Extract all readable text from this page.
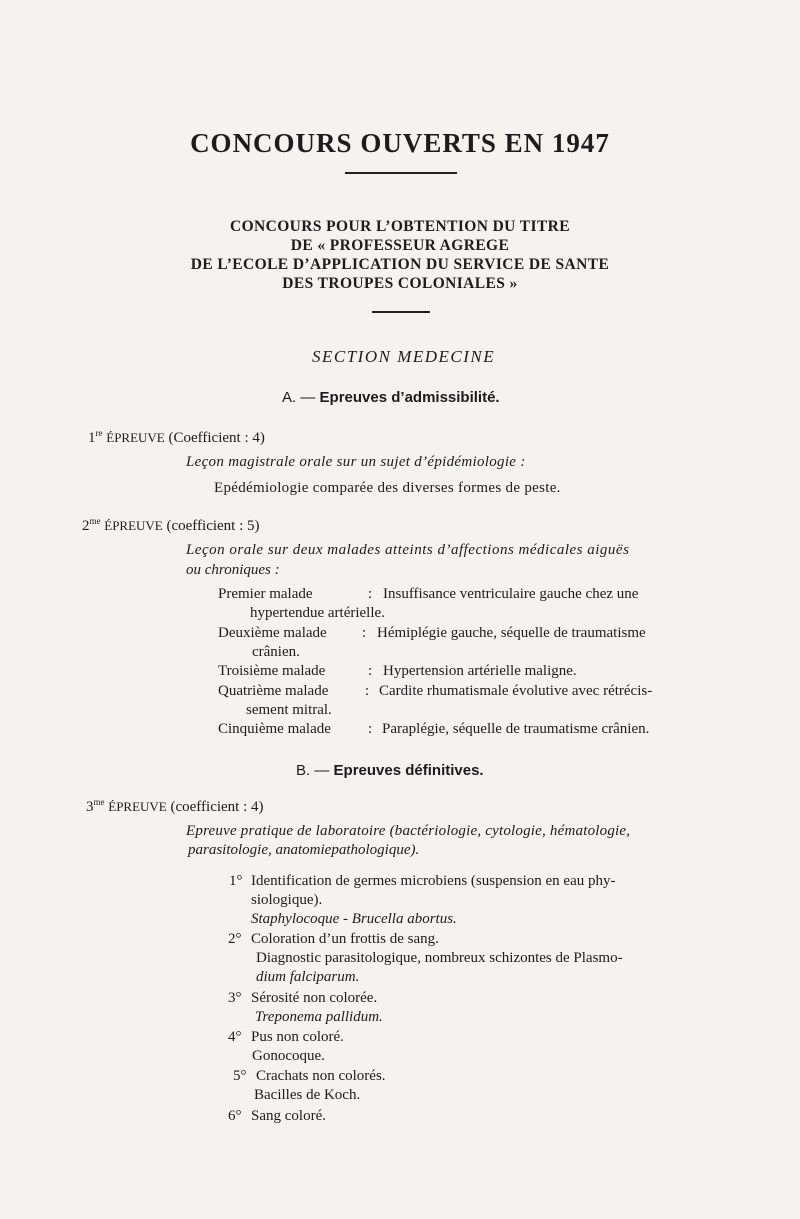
CONCOURS OUVERTS EN 1947
CONCOURS POUR L’OBTENTION DU TITRE
DE « PROFESSEUR AGREGE
DE L’ECOLE D’APPLICATION DU SERVICE DE SANTE
DES TROUPES COLONIALES »
SECTION MEDECINE
A. — Epreuves d’admissibilité.
1re ÉPREUVE (Coefficient : 4)
Leçon magistrale orale sur un sujet d’épidémiologie :
Epédémiologie comparée des diverses formes de peste.
$2^{me}$ ÉPREUVE (coefficient : 5)
Leçon orale sur deux malades atteints d’affections médicales aiguës
ou chroniques :
Premier malade	: Insuffisance ventriculaire gauche chez une
hypertendue artérielle.
Deuxième malade : Hémiplégie gauche, séquelle de traumatisme
crânien.
Troisième malade	: Hypertension artérielle maligne.
Quatrième malade : Cardite rhumatismale évolutive avec rétrécis-
sement mitral.
Cinquième malade : Paraplégie, séquelle de traumatisme crânien.
B. — Epreuves définitives.
$3^{me}$ ÉPREUVE (coefficient : 4)
Epreuve pratique de laboratoire (bactériologie, cytologie, hématologie,
parasitologie, anatomiepathologique).
1° Identification de germes microbiens (suspension en eau phy-
siologique).
Staphylocoque - Brucella abortus.
2° Coloration d’un frottis de sang.
Diagnostic parasitologique, nombreux schizontes de Plasmo-
dium falciparum.
3° Sérosité non colorée.
Treponema pallidum.
4° Pus non coloré.
Gonocoque.
5° Crachats non colorés.
Bacilles de Koch.
6° Sang coloré.
